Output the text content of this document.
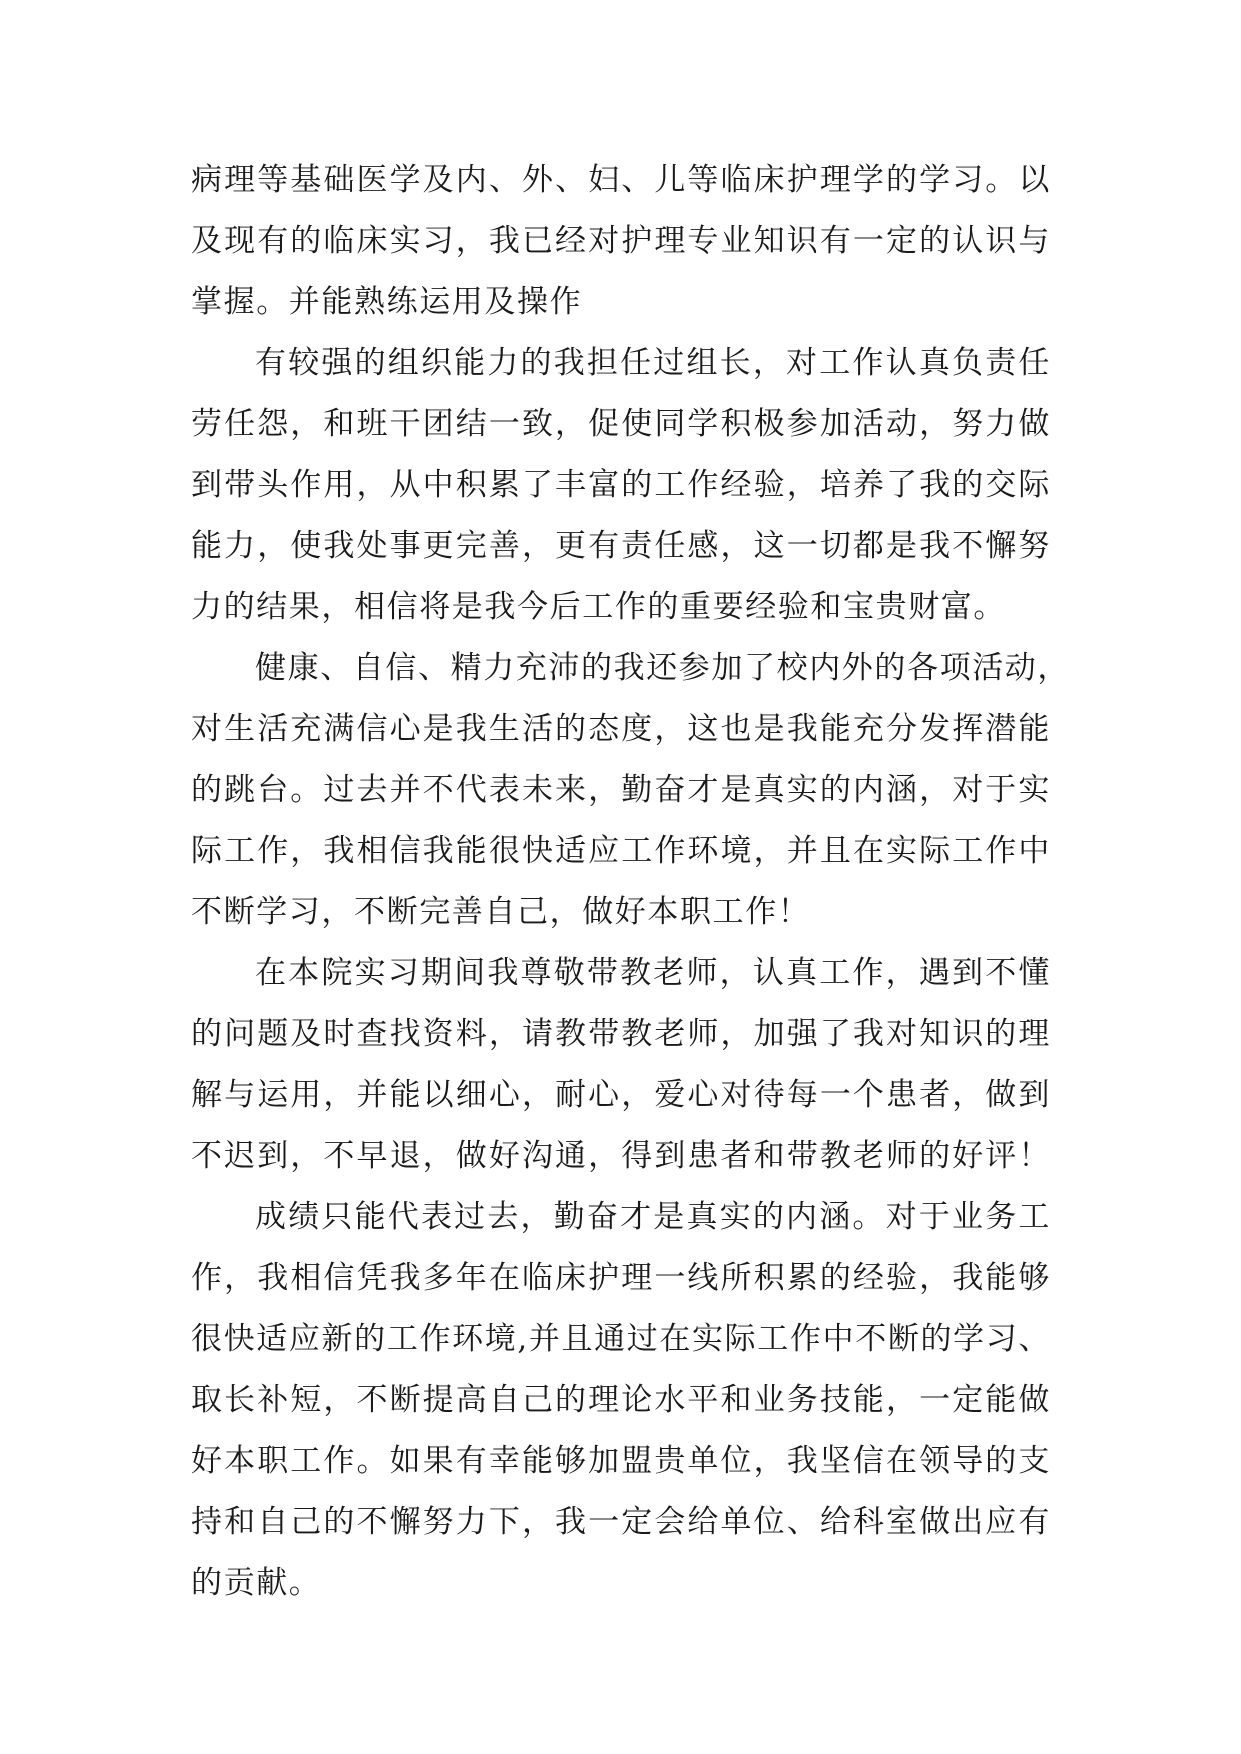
病理等基础医学及内、外、妇、儿等临床护理学的学习。以
及现有的临床实习，我已经对护理专业知识有一定的认识与
掌握。并能熟练运用及操作
有较强的组织能力的我担任过组长，对工作认真负责任
劳任怨，和班干团结一致，促使同学积极参加活动，努力做
到带头作用，从中积累了丰富的工作经验，培养了我的交际
能力，使我处事更完善，更有责任感，这一切都是我不懈努
力的结果，相信将是我今后工作的重要经验和宝贵财富。
健康、自信、精力充沛的我还参加了校内外的各项活动，
对生活充满信心是我生活的态度，这也是我能充分发挥潜能
的跳台。过去并不代表未来，勤奋才是真实的内涵，对于实
际工作，我相信我能很快适应工作环境，并且在实际工作中
不断学习，不断完善自己，做好本职工作！
在本院实习期间我尊敬带教老师，认真工作，遇到不懂
的问题及时查找资料，请教带教老师，加强了我对知识的理
解与运用，并能以细心，耐心，爱心对待每一个患者，做到
不迟到，不早退，做好沟通，得到患者和带教老师的好评！
成绩只能代表过去，勤奋才是真实的内涵。对于业务工
作，我相信凭我多年在临床护理一线所积累的经验，我能够
很快适应新的工作环境,并且通过在实际工作中不断的学习、
取长补短，不断提高自己的理论水平和业务技能，一定能做
好本职工作。如果有幸能够加盟贵单位，我坚信在领导的支
持和自己的不懈努力下，我一定会给单位、给科室做出应有
的贡献。
